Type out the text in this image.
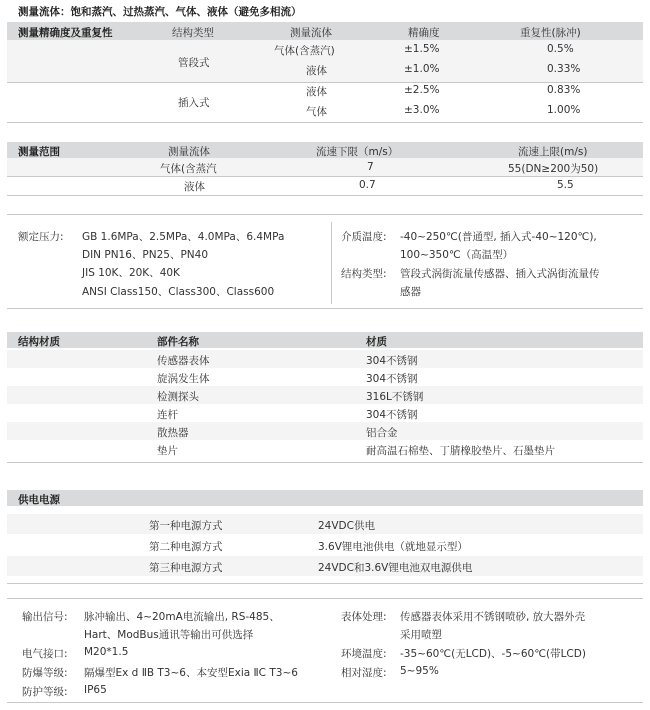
测量流体：饱和蒸汽、过热蒸汽、气体、液体（避免多相流）
测量精确度及重复性	结构类型	测量流体	精确度	重复性(脉冲)
管段式
气体(含蒸汽)	±1.5%	0.5%
液体	±1.0%	0.33%
插入式
液体	±2.5%	0.83%
气体	±3.0%	1.00%
测量范围	测量流体	流速下限（m/s）	流速上限(m/s)
气体(含蒸汽	7	55(DN≥200为50)
液体	0.7	5.5
额定压力: GB 1.6MPa、2.5MPa、4.0MPa、6.4MPa
DIN PN16、PN25、PN40
JIS 10K、20K、40K
ANSI Class150、Class300、Class600
介质温度: -40~250℃(普通型, 插入式-40~120℃),
100~350℃（高温型）
结构类型: 管段式涡街流量传感器、插入式涡街流量传
感器
结构材质	部件名称	材质
传感器表体	304不锈钢
旋涡发生体	304不锈钢
检测探头	316L不锈钢
连杆	304不锈钢
散热器	铝合金
垫片	耐高温石棉垫、丁腈橡胶垫片、石墨垫片
供电电源
第一种电源方式	24VDC供电
第二种电源方式	3.6V锂电池供电（就地显示型）
第三种电源方式	24VDC和3.6V锂电池双电源供电
输出信号: 脉冲输出、4~20mA电流输出, RS-485、
Hart、ModBus通讯等输出可供选择
电气接口: M20*1.5
防爆等级: 隔爆型Ex d ⅡB T3~6、本安型Exia ⅡC T3~6
防护等级: IP65
表体处理: 传感器表体采用不锈钢喷砂, 放大器外壳
采用喷塑
环境温度: -35~60℃(无LCD)、-5~60℃(带LCD)
相对湿度: 5~95%
